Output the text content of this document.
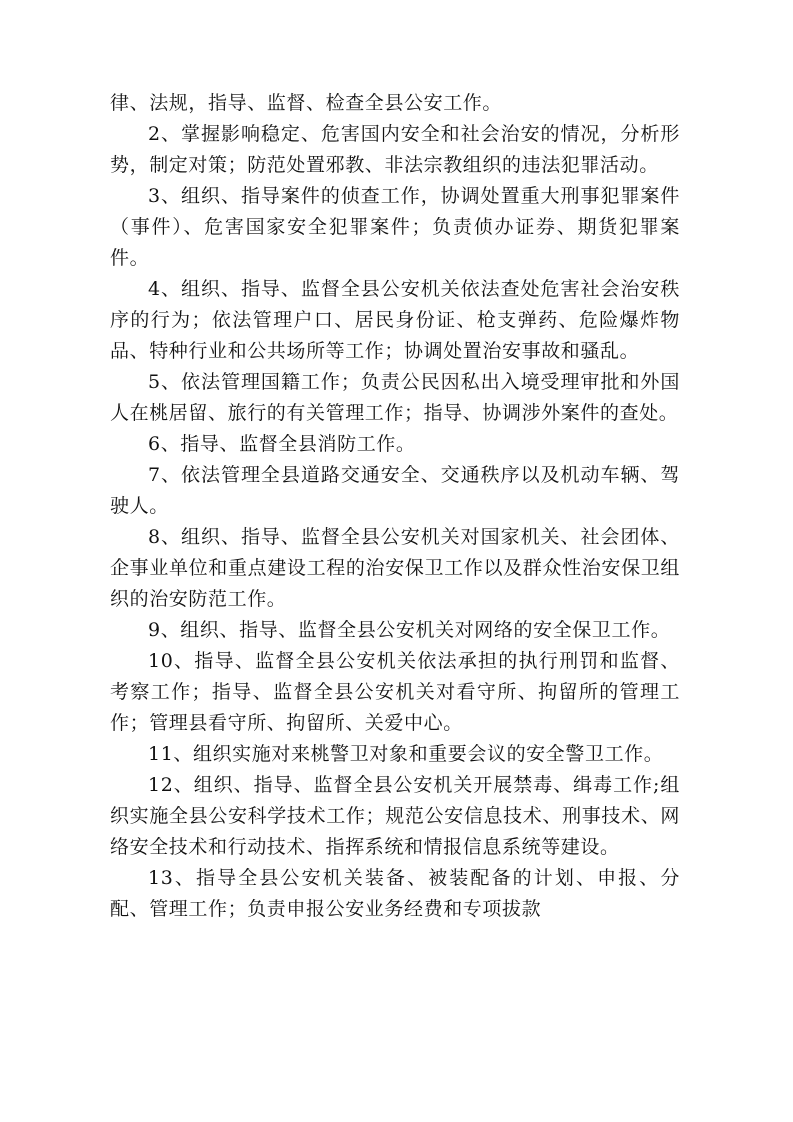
律、法规，指导、监督、检查全县公安工作。

2、掌握影响稳定、危害国内安全和社会治安的情况，分析形势，制定对策；防范处置邪教、非法宗教组织的违法犯罪活动。

3、组织、指导案件的侦查工作，协调处置重大刑事犯罪案件（事件）、危害国家安全犯罪案件；负责侦办证券、期货犯罪案件。

4、组织、指导、监督全县公安机关依法查处危害社会治安秩序的行为；依法管理户口、居民身份证、枪支弹药、危险爆炸物品、特种行业和公共场所等工作；协调处置治安事故和骚乱。

5、依法管理国籍工作；负责公民因私出入境受理审批和外国人在桃居留、旅行的有关管理工作；指导、协调涉外案件的查处。

6、指导、监督全县消防工作。

7、依法管理全县道路交通安全、交通秩序以及机动车辆、驾驶人。

8、组织、指导、监督全县公安机关对国家机关、社会团体、企事业单位和重点建设工程的治安保卫工作以及群众性治安保卫组织的治安防范工作。

9、组织、指导、监督全县公安机关对网络的安全保卫工作。

10、指导、监督全县公安机关依法承担的执行刑罚和监督、考察工作；指导、监督全县公安机关对看守所、拘留所的管理工作；管理县看守所、拘留所、关爱中心。

11、组织实施对来桃警卫对象和重要会议的安全警卫工作。

12、组织、指导、监督全县公安机关开展禁毒、缉毒工作;组织实施全县公安科学技术工作；规范公安信息技术、刑事技术、网络安全技术和行动技术、指挥系统和情报信息系统等建设。

13、指导全县公安机关装备、被装配备的计划、申报、分配、管理工作；负责申报公安业务经费和专项拔款
